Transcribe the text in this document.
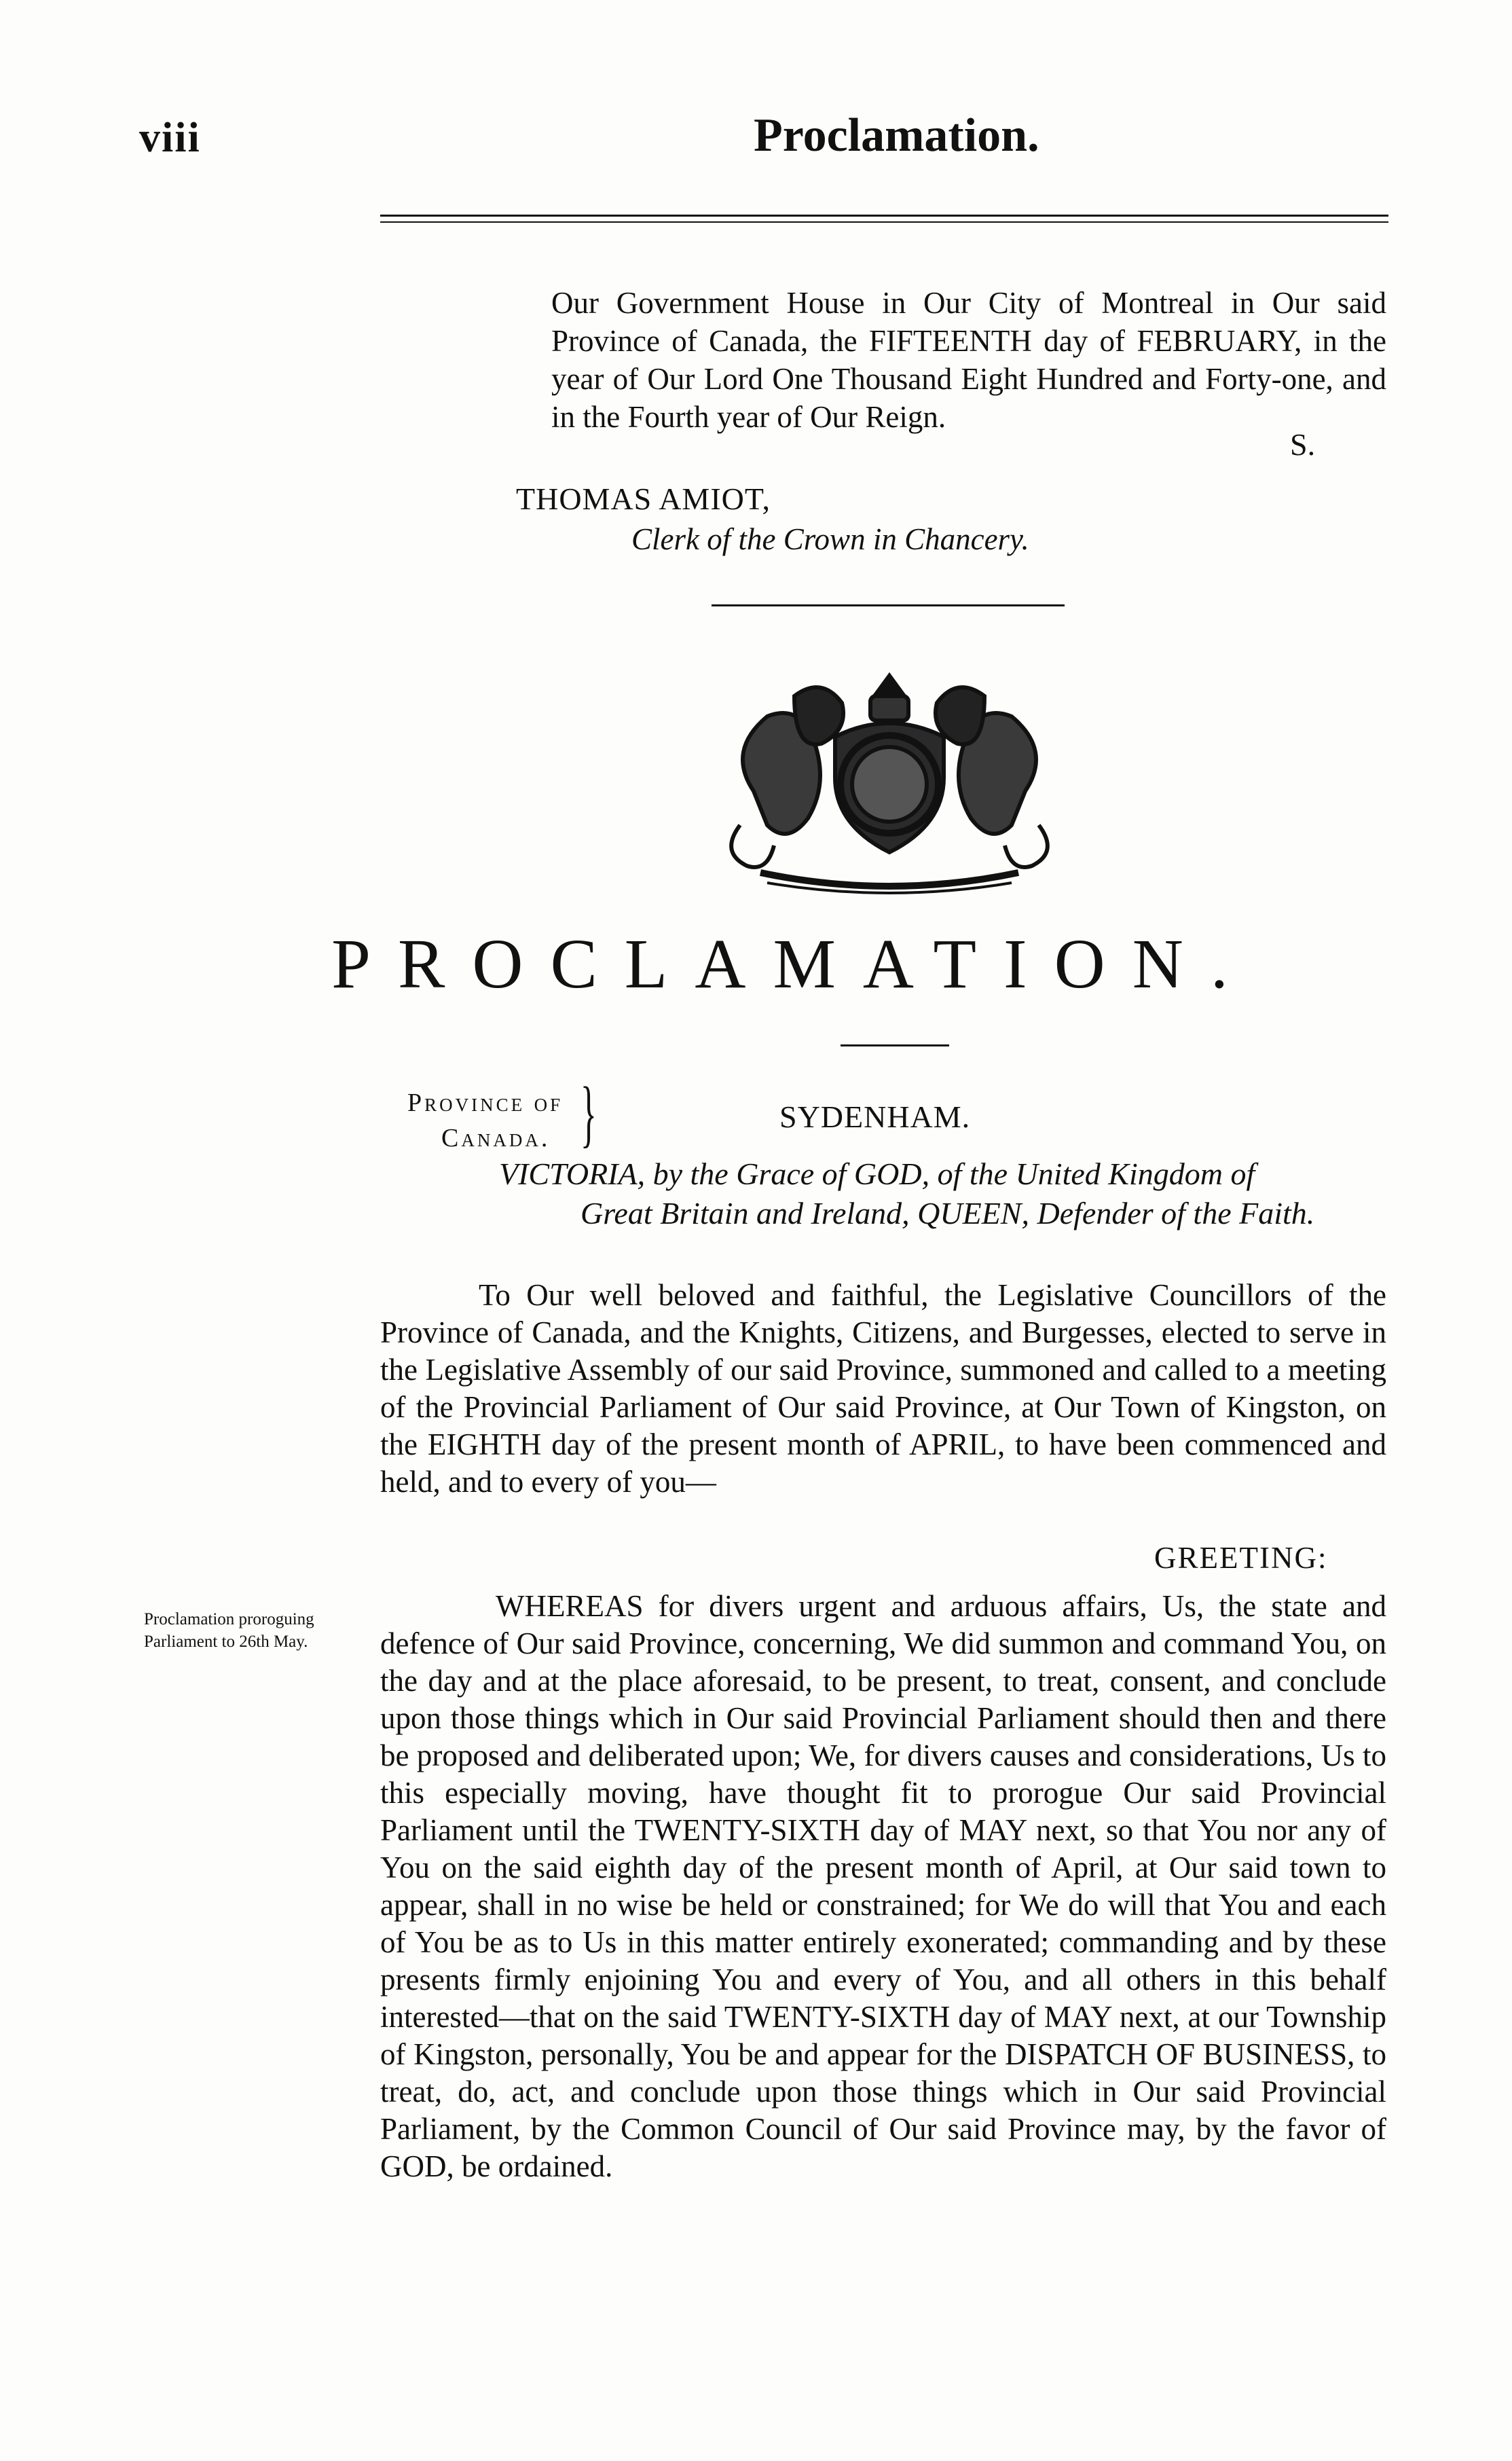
viii	Proclamation.
Our Government House in Our City of Montreal in Our said Province of Canada, the FIFTEENTH day of FEBRUARY, in the year of Our Lord One Thousand Eight Hundred and Forty-one, and in the Fourth year of Our Reign.
S.
THOMAS AMIOT,
Clerk of the Crown in Chancery.
PROCLAMATION.
Province of
Canada. }	SYDENHAM.
VICTORIA, by the Grace of GOD, of the United Kingdom of
Great Britain and Ireland, QUEEN, Defender of the Faith.
To Our well beloved and faithful, the Legislative Councillors of the Province of Canada, and the Knights, Citizens, and Burgesses, elected to serve in the Legislative Assembly of our said Province, summoned and called to a meeting of the Provincial Parliament of Our said Province, at Our Town of Kingston, on the EIGHTH day of the present month of APRIL, to have been commenced and held, and to every of you—
GREETING:
Proclamation proroguing Parliament to 26th May.
WHEREAS for divers urgent and arduous affairs, Us, the state and defence of Our said Province, concerning, We did summon and command You, on the day and at the place aforesaid, to be present, to treat, consent, and conclude upon those things which in Our said Provincial Parliament should then and there be proposed and deliberated upon; We, for divers causes and considerations, Us to this especially moving, have thought fit to prorogue Our said Provincial Parliament until the TWENTY-SIXTH day of MAY next, so that You nor any of You on the said eighth day of the present month of April, at Our said town to appear, shall in no wise be held or constrained; for We do will that You and each of You be as to Us in this matter entirely exonerated; commanding and by these presents firmly enjoining You and every of You, and all others in this behalf interested—that on the said TWENTY-SIXTH day of MAY next, at our Township of Kingston, personally, You be and appear for the DISPATCH OF BUSINESS, to treat, do, act, and conclude upon those things which in Our said Provincial Parliament, by the Common Council of Our said Province may, by the favor of GOD, be ordained.
